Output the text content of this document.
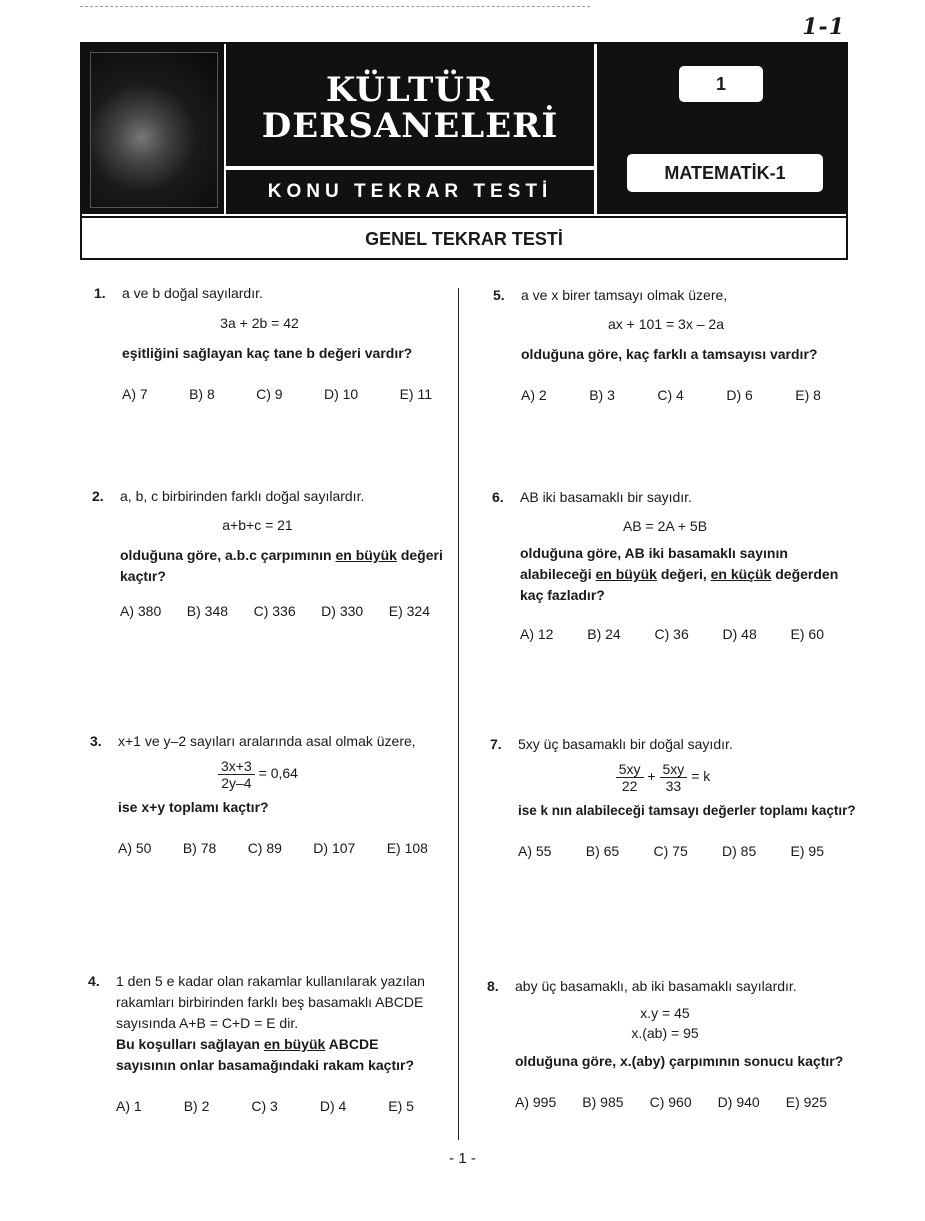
1-1
KÜLTÜR
DERSANELERİ
KONU TEKRAR TESTİ
1
MATEMATİK-1
GENEL TEKRAR TESTİ
1. a ve b doğal sayılardır.
3a + 2b = 42
eşitliğini sağlayan kaç tane b değeri vardır?
A) 7	B) 8	C) 9	D) 10	E) 11
2. a, b, c birbirinden farklı doğal sayılardır.
a+b+c = 21
olduğuna göre, a.b.c çarpımının en büyük değeri kaçtır?
A) 380 B) 348 C) 336 D) 330 E) 324
3. x+1 ve y–2 sayıları aralarında asal olmak üzere,
$\frac{3x+3}{2y-4} = 0,64$
ise x+y toplamı kaçtır?
A) 50 B) 78 C) 89 D) 107 E) 108
4. 1 den 5 e kadar olan rakamlar kullanılarak yazılan rakamları birbirinden farklı beş basamaklı ABCDE sayısında A+B = C+D = E dir.
Bu koşulları sağlayan en büyük ABCDE sayısının onlar basamağındaki rakam kaçtır?
A) 1	B) 2	C) 3	D) 4	E) 5
5. a ve x birer tamsayı olmak üzere,
ax + 101 = 3x – 2a
olduğuna göre, kaç farklı a tamsayısı vardır?
A) 2	B) 3	C) 4	D) 6	E) 8
6. AB iki basamaklı bir sayıdır.
AB = 2A + 5B
olduğuna göre, AB iki basamaklı sayının alabileceği en büyük değeri, en küçük değerden kaç fazladır?
A) 12 B) 24 C) 36 D) 48 E) 60
7. 5xy üç basamaklı bir doğal sayıdır.
$\frac{5xy}{22} + \frac{5xy}{33} = k$
ise k nın alabileceği tamsayı değerler toplamı kaçtır?
A) 55 B) 65 C) 75 D) 85 E) 95
8. aby üç basamaklı, ab iki basamaklı sayılardır.
x.y = 45
x.(ab) = 95
olduğuna göre, x.(aby) çarpımının sonucu kaçtır?
A) 995 B) 985 C) 960 D) 940 E) 925
- 1 -
